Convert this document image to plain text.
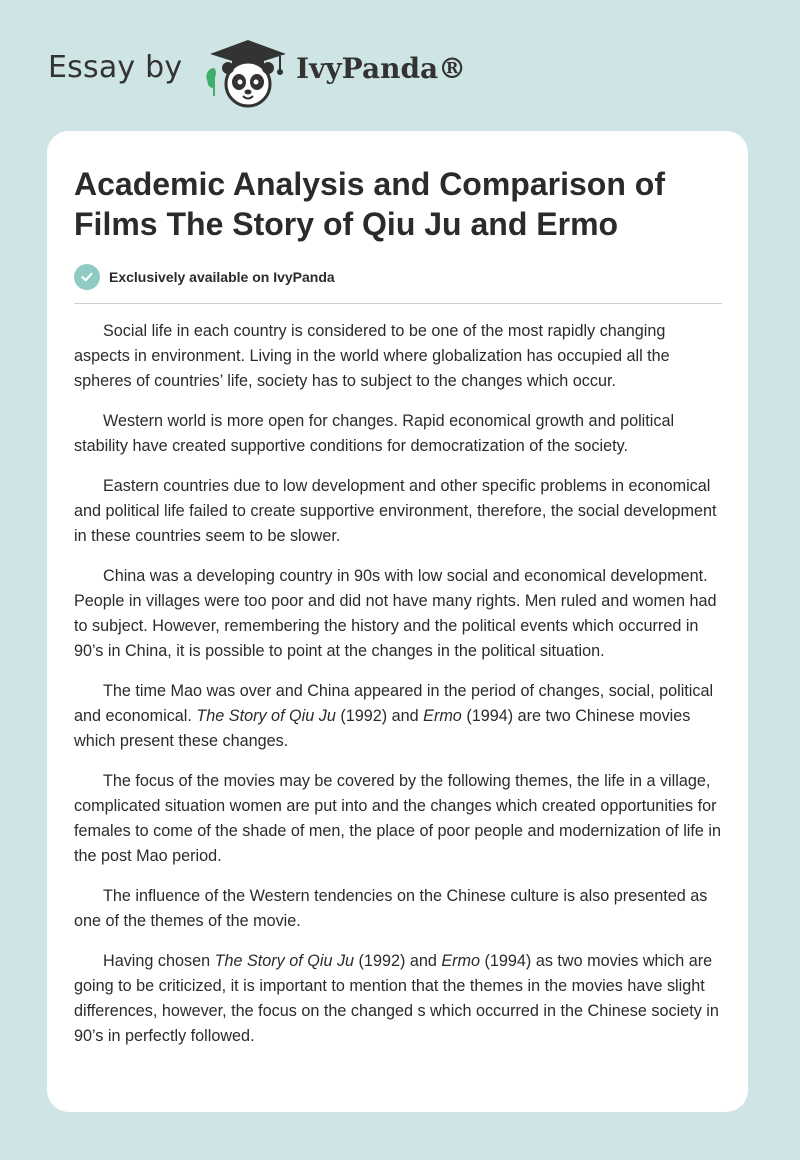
Essay by	IvyPanda®
Academic Analysis and Comparison of Films The Story of Qiu Ju and Ermo
Exclusively available on IvyPanda

Social life in each country is considered to be one of the most rapidly changing aspects in environment. Living in the world where globalization has occupied all the spheres of countries’ life, society has to subject to the changes which occur.

Western world is more open for changes. Rapid economical growth and political stability have created supportive conditions for democratization of the society.

Eastern countries due to low development and other specific problems in economical and political life failed to create supportive environment, therefore, the social development in these countries seem to be slower.

China was a developing country in 90s with low social and economical development. People in villages were too poor and did not have many rights. Men ruled and women had to subject. However, remembering the history and the political events which occurred in 90’s in China, it is possible to point at the changes in the political situation.

The time Mao was over and China appeared in the period of changes, social, political and economical. The Story of Qiu Ju (1992) and Ermo (1994) are two Chinese movies which present these changes.

The focus of the movies may be covered by the following themes, the life in a village, complicated situation women are put into and the changes which created opportunities for females to come of the shade of men, the place of poor people and modernization of life in the post Mao period.

The influence of the Western tendencies on the Chinese culture is also presented as one of the themes of the movie.

Having chosen The Story of Qiu Ju (1992) and Ermo (1994) as two movies which are going to be criticized, it is important to mention that the themes in the movies have slight differences, however, the focus on the changed s which occurred in the Chinese society in 90’s in perfectly followed.
